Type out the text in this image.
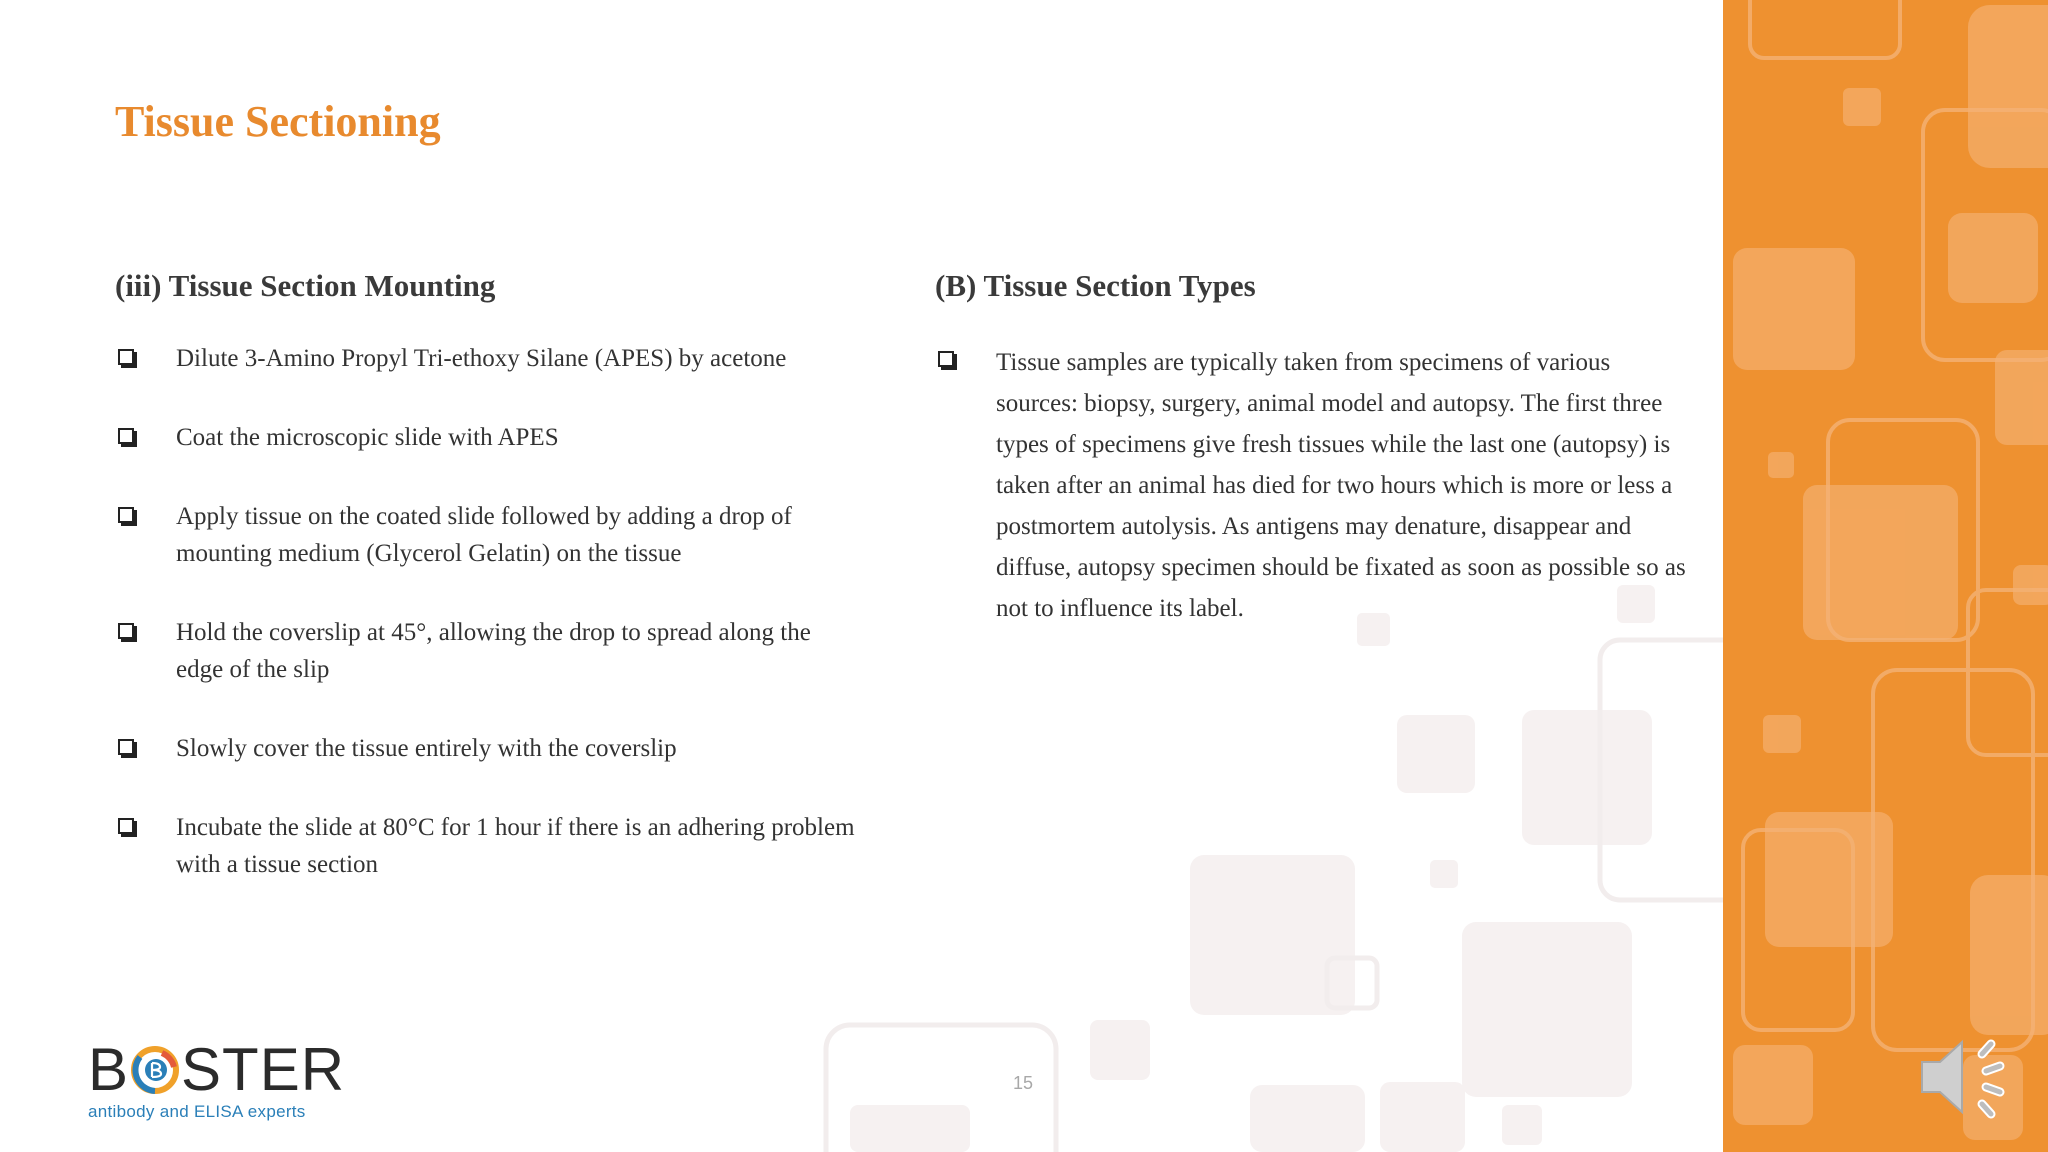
Tissue Sectioning
(iii) Tissue Section Mounting
Dilute 3-Amino Propyl Tri-ethoxy Silane (APES) by acetone
Coat the microscopic slide with APES
Apply tissue on the coated slide followed by adding a drop of mounting medium (Glycerol Gelatin) on the tissue
Hold the coverslip at 45°, allowing the drop to spread along the edge of the slip
Slowly cover the tissue entirely with the coverslip
Incubate the slide at 80°C for 1 hour if there is an adhering problem with a tissue section
(B) Tissue Section Types
Tissue samples are typically taken from specimens of various sources: biopsy, surgery, animal model and autopsy. The first three types of specimens give fresh tissues while the last one (autopsy) is taken after an animal has died for two hours which is more or less a postmortem autolysis. As antigens may denature, disappear and diffuse, autopsy specimen should be fixated as soon as possible so as not to influence its label.
15
B STER
antibody and ELISA experts
